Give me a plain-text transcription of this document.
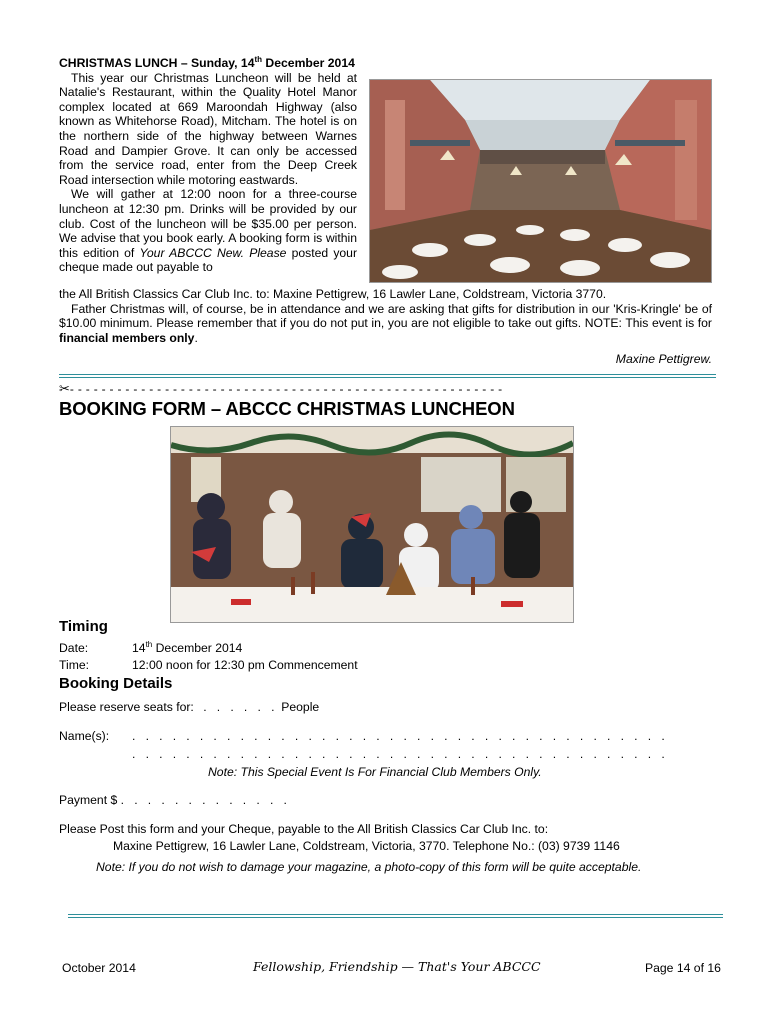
CHRISTMAS LUNCH – Sunday, 14th December 2014

This year our Christmas Luncheon will be held at Natalie's Restaurant, within the Quality Hotel Manor complex located at 669 Maroondah Highway (also known as Whitehorse Road), Mitcham. The hotel is on the northern side of the highway between Warnes Road and Dampier Grove. It can only be accessed from the service road, enter from the Deep Creek Road intersection while motoring eastwards.

We will gather at 12:00 noon for a three-course luncheon at 12:30 pm. Drinks will be provided by our club. Cost of the luncheon will be $35.00 per person. We advise that you book early. A booking form is within this edition of Your ABCCC New. Please posted your cheque made out payable to

the All British Classics Car Club Inc. to: Maxine Pettigrew, 16 Lawler Lane, Coldstream, Victoria 3770.

Father Christmas will, of course, be in attendance and we are asking that gifts for distribution in our 'Kris-Kringle' be of $10.00 minimum. Please remember that if you do not put in, you are not eligible to take out gifts. NOTE: This event is for financial members only.

Maxine Pettigrew.

✂- - - - - - - - - - - - - - - - - - - - - - - - - - - - - - - - - - - - - - - - - - - - - - - - - - - - - - -
BOOKING FORM – ABCCC CHRISTMAS LUNCHEON
Timing
Date:	14th December 2014
Time:	12:00 noon for 12:30 pm Commencement
Booking Details
Please reserve seats for: . . . . . . People
Name(s): . . . . . . . . . . . . . . . . . . . . . . . . . . . . . . . . . . . . . . . .
. . . . . . . . . . . . . . . . . . . . . . . . . . . . . . . . . . . . . . . .
Note: This Special Event Is For Financial Club Members Only.
Payment $ . . . . . . . . . . . . .
Please Post this form and your Cheque, payable to the All British Classics Car Club Inc. to:
Maxine Pettigrew, 16 Lawler Lane, Coldstream, Victoria, 3770. Telephone No.: (03) 9739 1146
Note: If you do not wish to damage your magazine, a photo-copy of this form will be quite acceptable.
October 2014	Fellowship, Friendship — That's Your ABCCC	Page 14 of 16
